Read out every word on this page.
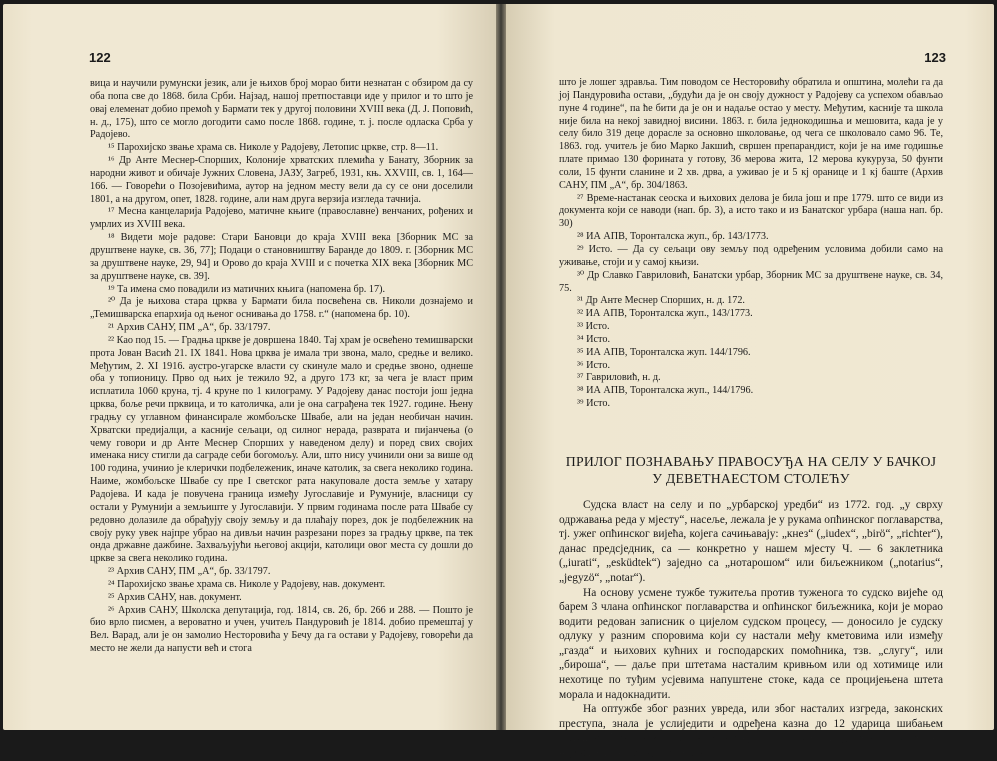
122

вица и научили румунски језик, али је њихов број морао бити незнатан с обзиром да су оба попа све до 1868. била Срби. Најзад, нашој претпоставци иде у прилог и то што је овај елеменат добио премоћ у Бармати тек у другој половини XVIII века (Д. Ј. Поповић, н. д., 175), што се могло догодити само после 1868. године, т. ј. после одласка Срба у Радојево.

¹⁵ Парохијско звање храма св. Николе у Радојеву, Летопис цркве, стр. 8—11.

¹⁶ Др Анте Меснер-Спорших, Колоније хрватских племића у Банату, Зборник за народни живот и обичаје Јужних Словена, ЈАЗУ, Загреб, 1931, књ. XXVIII, св. 1, 164—166. — Говорећи о Позојевићима, аутор на једном месту вели да су се они доселили 1801, а на другом, опет, 1828. године, али нам друга верзија изгледа тачнија.

¹⁷ Месна канцеларија Радојево, матичне књиге (православне) венчаних, рођених и умрлих из XVIII века.

¹⁸ Видети моје радове: Стари Бановци до краја XVIII века [Зборник МС за друштвене науке, св. 36, 77]; Подаци о становништву Баранде до 1809. г. [Зборник МС за друштвене науке, 29, 94] и Орово до краја XVIII и с почетка XIX века [Зборник МС за друштвене науке, св. 39].

¹⁹ Та имена смо повадили из матичних књига (напомена бр. 17).

²⁰ Да је њихова стара црква у Бармати била посвећена св. Николи дознајемо и „Темишварска епархија од њеног оснивања до 1758. г.“ (напомена бр. 10).

²¹ Архив САНУ, ПМ „А“, бр. 33/1797.

²² Као под 15. — Градња цркве је довршена 1840. Тај храм је освећено темишварски прота Јован Васић 21. IX 1841. Нова црква је имала три звона, мало, средње и велико. Међутим, 2. XI 1916. аустро-угарске власти су скинуле мало и средње звоно, однеше оба у топионицу. Прво од њих је тежило 92, а друго 173 кг, за чега је власт прим исплатила 1060 круна, тј. 4 круне по 1 килограму. У Радојеву данас постоји још једна црква, боље речи прквица, и то католичка, али је она саграђена тек 1927. године. Њену градњу су углавном финансирале жомбољске Швабе, али на један необичан начин. Хрватски предијалци, а касније сељаци, од силног нерада, разврата и пијанчења (о чему говори и др Анте Меснер Спорших у наведеном делу) и поред свих својих именака нису стигли да саграде себи богомољу. Али, што нису учинили они за више од 100 година, учинио је клерички подбележеник, иначе католик, за свега неколико година. Наиме, жомбољске Швабе су пре I светског рата накуповале доста земље у хатару Радојева. И када је повучена граница између Југославије и Румуније, власници су остали у Румунији а земљиште у Југославији. У првим годинама после рата Швабе су редовно долазиле да обрађују своју земљу и да плаћају порез, док је подбележник на своју руку увек најпре убрао на дивљи начин разрезани порез за градњу цркве, па тек онда државне дажбине. Захваљујући његовој акцији, католици овог места су дошли до црквe за свега неколико година.

²³ Архив САНУ, ПМ „А“, бр. 33/1797.

²⁴ Парохијско звање храма св. Николе у Радојеву, нав. документ.

²⁵ Архив САНУ, нав. документ.

²⁶ Архив САНУ, Школска депутација, год. 1814, св. 26, бр. 266 и 288. — Пошто је био врло писмен, а вероватно и учен, учитељ Пандуровић је 1814. добио премештај у Вел. Варад, али је он замолио Несторовића у Бечу да га остави у Радојеву, говорећи да место не жели да напусти већ и стога

123

што је лошег здравља. Тим поводом се Несторовићу обратила и општина, молећи га да јој Пандуровића остави, „будући да је он своју дужност у Радојеву са успехом обављао пуне 4 године“, па ће бити да је он и надаље остао у месту. Међутим, касније та школа није била на некој завидној висини. 1863. г. била једнокодишња и мешовита, када је у селу било 319 деце дорасле за основно школовање, од чега се школовало само 96. Те, 1863. год. учитељ је био Марко Јакшић, свршен препарандист, који је на име годишње плате примао 130 форината у готову, 36 мерова жита, 12 мерова кукуруза, 50 фунти соли, 15 фунти сланине и 2 хв. дрва, а уживао је и 5 кј оранице и 1 кј баште (Архив САНУ, ПМ „А“, бр. 304/1863.

²⁷ Време-настанак сеоска и њихових делова је била још и пре 1779. што се види из документа који се наводи (нап. бр. 3), а исто тако и из Банатског урбара (наша нап. бр. 30)

²⁸ ИА АПВ, Торонталска жуп., бр. 143/1773.

²⁹ Исто. — Да су сељаци ову земљу под одређеним условима добили само на уживање, стоји и у самој књизи.

³⁰ Др Славко Гавриловић, Банатски урбар, Зборник МС за друштвене науке, св. 34, 75.

³¹ Др Анте Меснер Спорших, н. д. 172.

³² ИА АПВ, Торонталска жуп., 143/1773.

³³ Исто.

³⁴ Исто.

³⁵ ИА АПВ, Торонталска жуп. 144/1796.

³⁶ Исто.

³⁷ Гавриловић, н. д.

³⁸ ИА АПВ, Торонталска жуп., 144/1796.

³⁹ Исто.

ПРИЛОГ ПОЗНАВАЊУ ПРАВОСУЂА НА СЕЛУ У БАЧКОЈ
У ДЕВЕТНАЕСТОМ СТОЛЕЋУ

Судска власт на селу и по „урбарској уредби“ из 1772. год. „у сврху одржавања реда у мјесту“, насеље, лежала је у рукама опћинског поглаварства, тј. ужег опћинског вијећа, којега сачињавају: „кнез“ („iudex“, „birö“, „richter“), данас предсједник, са — конкретно у нашем мјесту Ч. — 6 заклетника („iurati“, „esküdtek“) заједно са „нотарошом“ или биљежником („notarius“, „jegyzö“, „notar“).

На основу усмене тужбе тужитеља против туженога то судско вијеће од барем 3 члана опћинског поглаварства и опћинског биљежника, који је морао водити редован записник о цијелом судском процесу, — доносило је судску одлуку у разним споровима који су настали међу кметовима или између „газда“ и њихових кућних и господарских помоћника, тзв. „слугу“, или „бироша“, — даље при штетама насталим кривњом или од хотимице или нехотице по туђим усјевима напуштене стоке, када се процијењена штета морала и надокнадити.

На оптужбе због разних увреда, или због насталих изгреда, законских преступа, знала је услиједити и одређена казна до 12 ударица шибањем палицом, бзтином или корбачем и то јавно, на „дереш“-у, па и мањи затвор, највише до 48 сати; иначе сви
